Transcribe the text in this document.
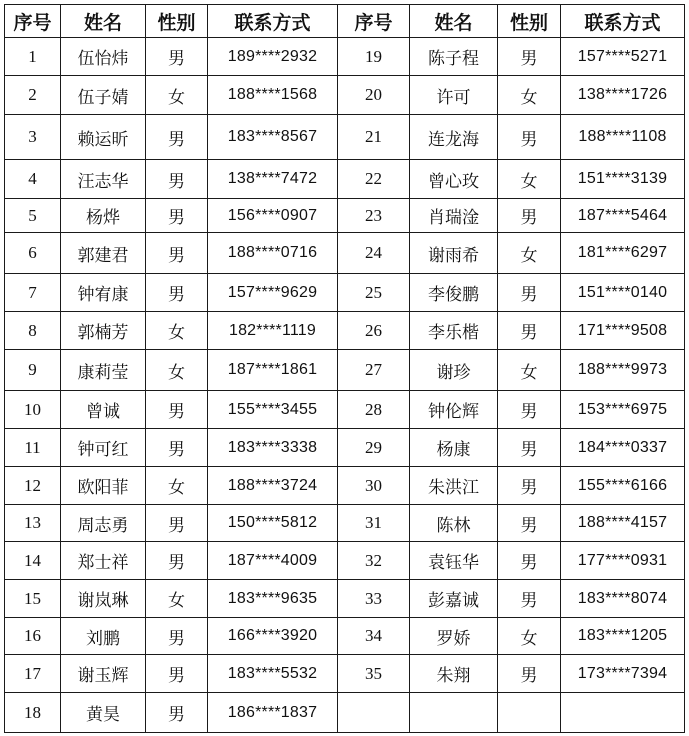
序号	姓名	性别	联系方式	序号	姓名	性别	联系方式
1	伍怡炜	男	189****2932	19	陈子程	男	157****5271
2	伍子婧	女	188****1568	20	许可	女	138****1726
3	赖运昕	男	183****8567	21	连龙海	男	188****1108
4	汪志华	男	138****7472	22	曾心玫	女	151****3139
5	杨烨	男	156****0907	23	肖瑞淦	男	187****5464
6	郭建君	男	188****0716	24	谢雨希	女	181****6297
7	钟宥康	男	157****9629	25	李俊鹏	男	151****0140
8	郭楠芳	女	182****1119	26	李乐楷	男	171****9508
9	康莉莹	女	187****1861	27	谢珍	女	188****9973
10	曾诚	男	155****3455	28	钟伦辉	男	153****6975
11	钟可红	男	183****3338	29	杨康	男	184****0337
12	欧阳菲	女	188****3724	30	朱洪江	男	155****6166
13	周志勇	男	150****5812	31	陈林	男	188****4157
14	郑士祥	男	187****4009	32	袁钰华	男	177****0931
15	谢岚琳	女	183****9635	33	彭嘉诚	男	183****8074
16	刘鹏	男	166****3920	34	罗娇	女	183****1205
17	谢玉辉	男	183****5532	35	朱翔	男	173****7394
18	黄昊	男	186****1837				
